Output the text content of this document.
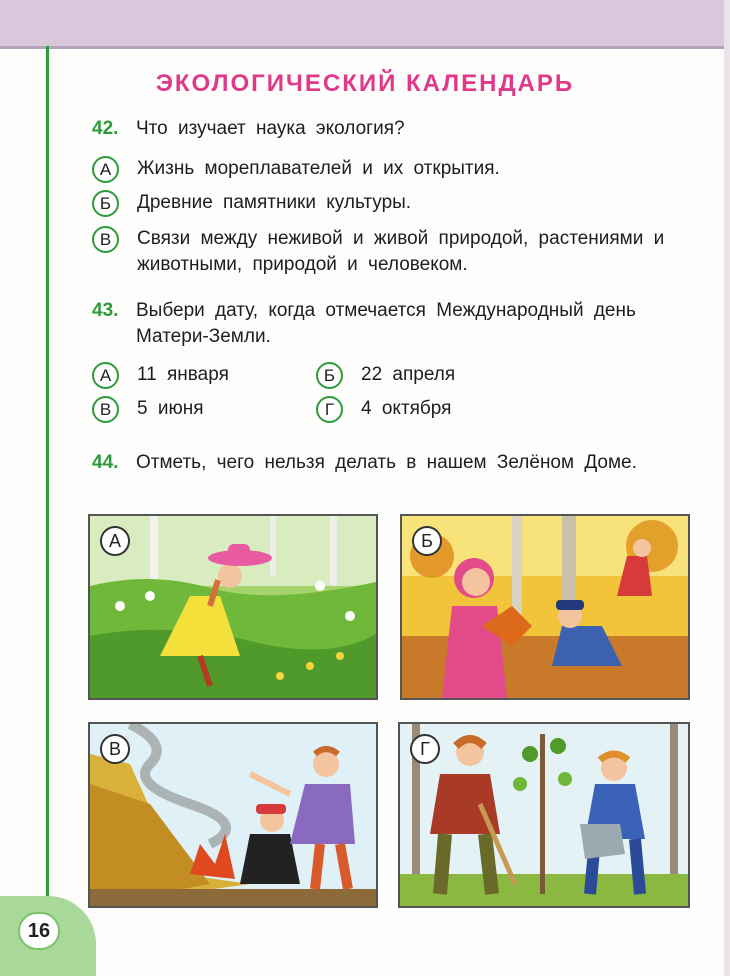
ЭКОЛОГИЧЕСКИЙ КАЛЕНДАРЬ
42. Что изучает наука экология?
А	Жизнь мореплавателей и их открытия.
Б	Древние памятники культуры.
В	Связи между неживой и живой природой, растениями и животными, природой и человеком.
43. Выбери дату, когда отмечается Международный день Матери-Земли.
А	11 января	Б	22 апреля
В	5 июня	Г	4 октября
44. Отметь, чего нельзя делать в нашем Зелёном Доме.
А	Б
В	Г
16
